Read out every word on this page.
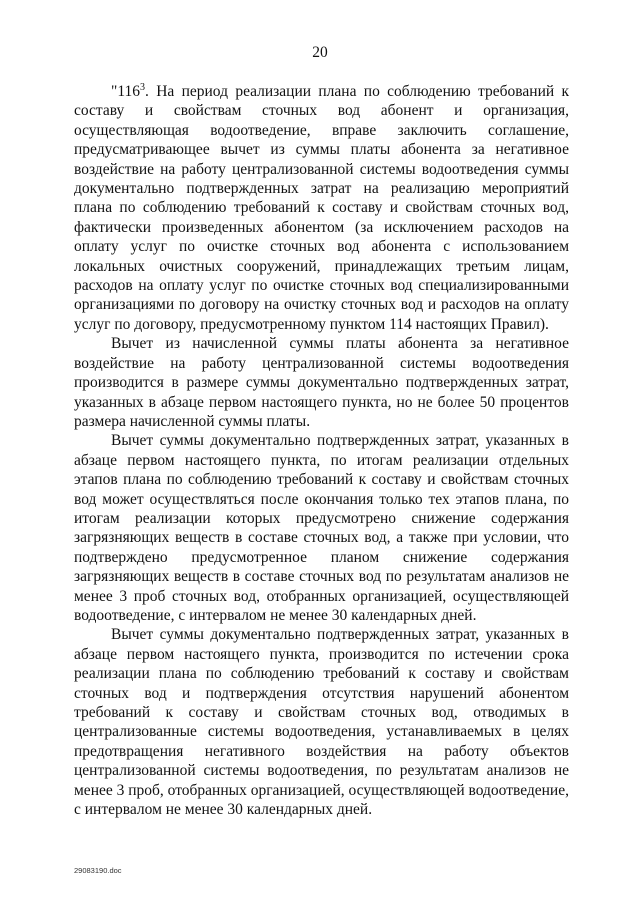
20

"$116^3$. На период реализации плана по соблюдению требований к составу и свойствам сточных вод абонент и организация, осуществляющая водоотведение, вправе заключить соглашение, предусматривающее вычет из суммы платы абонента за негативное воздействие на работу централизованной системы водоотведения суммы документально подтвержденных затрат на реализацию мероприятий плана по соблюдению требований к составу и свойствам сточных вод, фактически произведенных абонентом (за исключением расходов на оплату услуг по очистке сточных вод абонента с использованием локальных очистных сооружений, принадлежащих третьим лицам, расходов на оплату услуг по очистке сточных вод специализированными организациями по договору на очистку сточных вод и расходов на оплату услуг по договору, предусмотренному пунктом 114 настоящих Правил).

Вычет из начисленной суммы платы абонента за негативное воздействие на работу централизованной системы водоотведения производится в размере суммы документально подтвержденных затрат, указанных в абзаце первом настоящего пункта, но не более 50 процентов размера начисленной суммы платы.

Вычет суммы документально подтвержденных затрат, указанных в абзаце первом настоящего пункта, по итогам реализации отдельных этапов плана по соблюдению требований к составу и свойствам сточных вод может осуществляться после окончания только тех этапов плана, по итогам реализации которых предусмотрено снижение содержания загрязняющих веществ в составе сточных вод, а также при условии, что подтверждено предусмотренное планом снижение содержания загрязняющих веществ в составе сточных вод по результатам анализов не менее 3 проб сточных вод, отобранных организацией, осуществляющей водоотведение, с интервалом не менее 30 календарных дней.

Вычет суммы документально подтвержденных затрат, указанных в абзаце первом настоящего пункта, производится по истечении срока реализации плана по соблюдению требований к составу и свойствам сточных вод и подтверждения отсутствия нарушений абонентом требований к составу и свойствам сточных вод, отводимых в централизованные системы водоотведения, устанавливаемых в целях предотвращения негативного воздействия на работу объектов централизованной системы водоотведения, по результатам анализов не менее 3 проб, отобранных организацией, осуществляющей водоотведение, с интервалом не менее 30 календарных дней.

29083190.doc
